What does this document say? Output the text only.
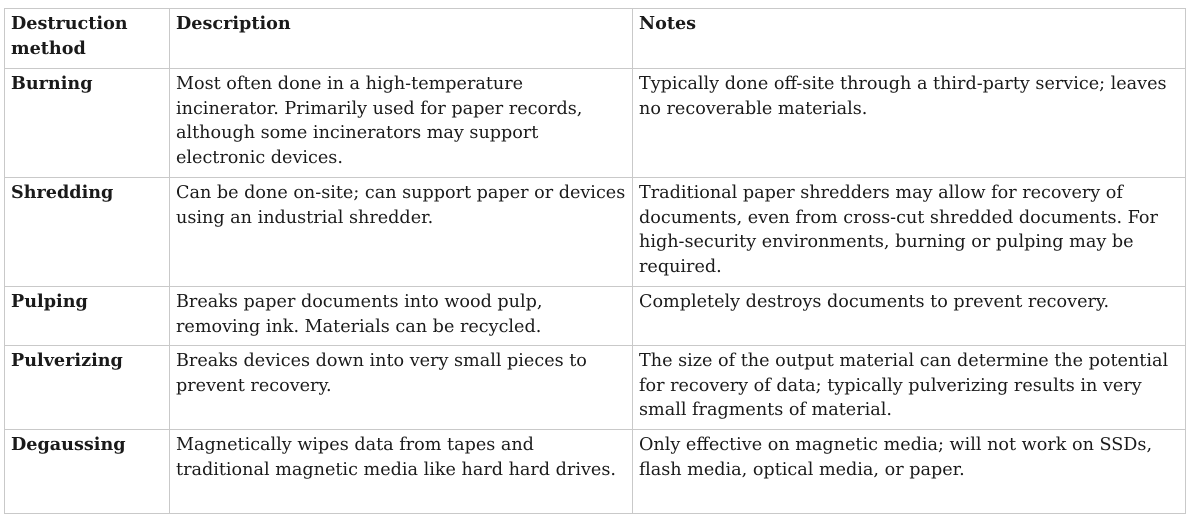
Destruction method	Description	Notes
Burning	Most often done in a high-temperature incinerator. Primarily used for paper records, although some incinerators may support electronic devices.	Typically done off-site through a third-party service; leaves no recoverable materials.
Shredding	Can be done on-site; can support paper or devices using an industrial shredder.	Traditional paper shredders may allow for recovery of documents, even from cross-cut shredded documents. For high-security environments, burning or pulping may be required.
Pulping	Breaks paper documents into wood pulp, removing ink. Materials can be recycled.	Completely destroys documents to prevent recovery.
Pulverizing	Breaks devices down into very small pieces to prevent recovery.	The size of the output material can determine the potential for recovery of data; typically pulverizing results in very small fragments of material.
Degaussing	Magnetically wipes data from tapes and traditional magnetic media like hard hard drives.	Only effective on magnetic media; will not work on SSDs, flash media, optical media, or paper.
